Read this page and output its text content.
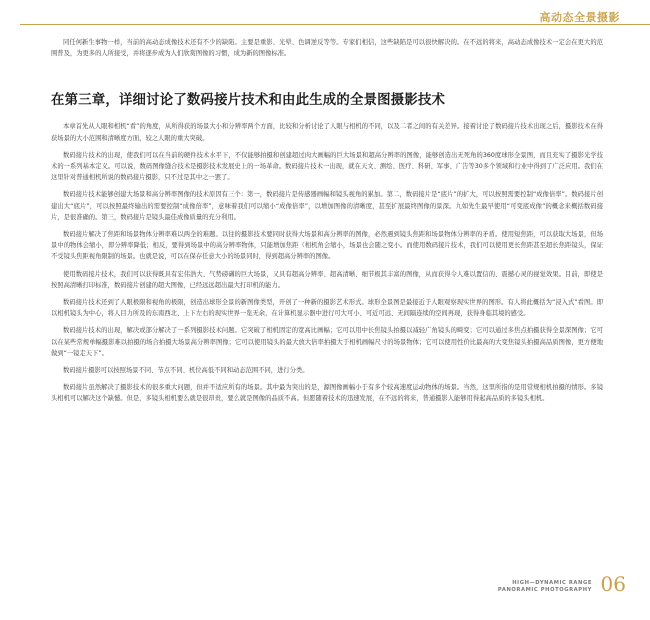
高动态全景摄影

同任何新生事物一样，当前的高动态成像技术还有不少的缺陷。主要是重影、光晕、色调逆反等等。专家们相信，这些缺陷是可以很快解决的。在不远的将来，高动态成像技术一定会在更大的范围普及，为更多的人所接受，并将逐步成为人们欣赏图像的习惯，成为新的图像标准。

在第三章，详细讨论了数码接片技术和由此生成的全景图摄影技术

本章首先从人眼和相机“看”的角度，从所得获的场景大小和分辨率两个方面，比较和分析讨论了人眼与相机的不同，以及二者之间的有关差异。接着讨论了数码接片技术出现之后，摄影技术在得获场景的大小范围和清晰度方面，较之人眼的重大突破。

数码接片技术的出现，使我们可以在当前的硬件技术水平下，不仅能够拍摄和创建超过肉大画幅的巨大场景和超高分辨率的图像，能够创造出无死角的360度球形全景图，而且充实了摄影光学技术的一系列基本定义。可以说，数码图像缝合技术是摄影技术发展史上的一场革命。数码接片技术一出现，就在天文、测绘、医疗、科研、军事、广告等30多个领域和行业中得到了广泛应用。我们在这里针对普通相机所说的数码接片摄影，只不过是其中之一罢了。

数码接片技术能够创建大场景和高分辨率图像的技术原因有三个：第一，数码接片是传感器画幅和镜头视角的累加。第二，数码接片是“底片”的扩大，可以按照需要控制“成像倍率”。数码接片创建出大“底片”，可以按照最终输出的需要控制“成像倍率”，意味着我们可以缩小“成像倍率”，以增加图像的清晰度，甚至扩展最终图像的景深。九如先生最早使用“可变底成像”的概念来概括数码接片，是很准确的。第三，数码接片是镜头最佳成像质量的充分利用。

数码接片解决了焦距和场景物体分辨率难以两全的难题。以往的摄影技术要同时获得大场景和高分辨率的图像，必然遇到镜头焦距和场景物体分辨率的矛盾。使用短焦距，可以获取大场景，但场景中的物体会缩小，即分辨率降低；相反，要得到场景中的高分辨率物体，只能增加焦距（相机角会缩小，场景也会随之变小。而使用数码接片技术，我们可以使用更长焦距甚至超长焦距镜头，保证不受镜头焦距视角限制的场景。也就是说，可以在保存任意大小的场景同时，得到超高分辨率的图像。

使用数码接片技术，我们可以获得既具有宏伟浩大、气势磅礴的巨大场景，又具有超高分辨率、超高清晰、细节极其丰富的图像，从而获得令人难以置信的、震撼心灵的视觉效果。目前，即使是按照高清晰打印标准，数码接片创建的超大图像，已经远远超出最大打印机的能力。

数码接片技术还到了人眼极限和视角的极限，创造出球形全景的新图像类型，开创了一种新的摄影艺术形式。球形全景图是最接近于人眼观察现实世界的图形。有人将此概括为“浸入式”看图。即以相机镜头为中心，将人目力所及的东南西北、上下左右的现实世界一览无余，在计算机显示器中进行可大可小、可近可远、无间隔连续的空间再现，获得身临其境的感受。

数码接片技术的出现，解决或部分解决了一系列摄影技术问题。它突破了相机固定的宽高比画幅；它可以用中长焦镜头拍摄以减轻广角镜头的畸变；它可以通过多焦点拍摄获得全景深图像；它可以在某些常规单幅摄影难以拍摄的场合拍摄大场景高分辨率图像；它可以使用镜头的最大放大倍率拍摄大于相机画幅尺寸的场景物体；它可以使用性价比最高的大变焦镜头拍摄高品质图像，更方便地做到“一镜走天下”。

数码接片摄影可以按照场景不同、节点不同、机位高低不同和动态范围不同，进行分类。

数码接片虽然解决了摄影技术的很多重大问题，但并不适应所有的场景。其中最为突出的是，源图像画幅小于有多个较高速度运动物体的场景。当然，这里所指的是用常规相机拍摄的情形。多镜头相机可以解决这个缺憾。但是，多镜头相机要么就是很昂贵，要么就是图像的品质不高。但愿随着技术的迅速发展，在不远的将来，普通摄影人能够用得起高品质的多镜头相机。

HIGH—DYNAMIC RANGE
PANORAMIC PHOTOGRAPHY 06
